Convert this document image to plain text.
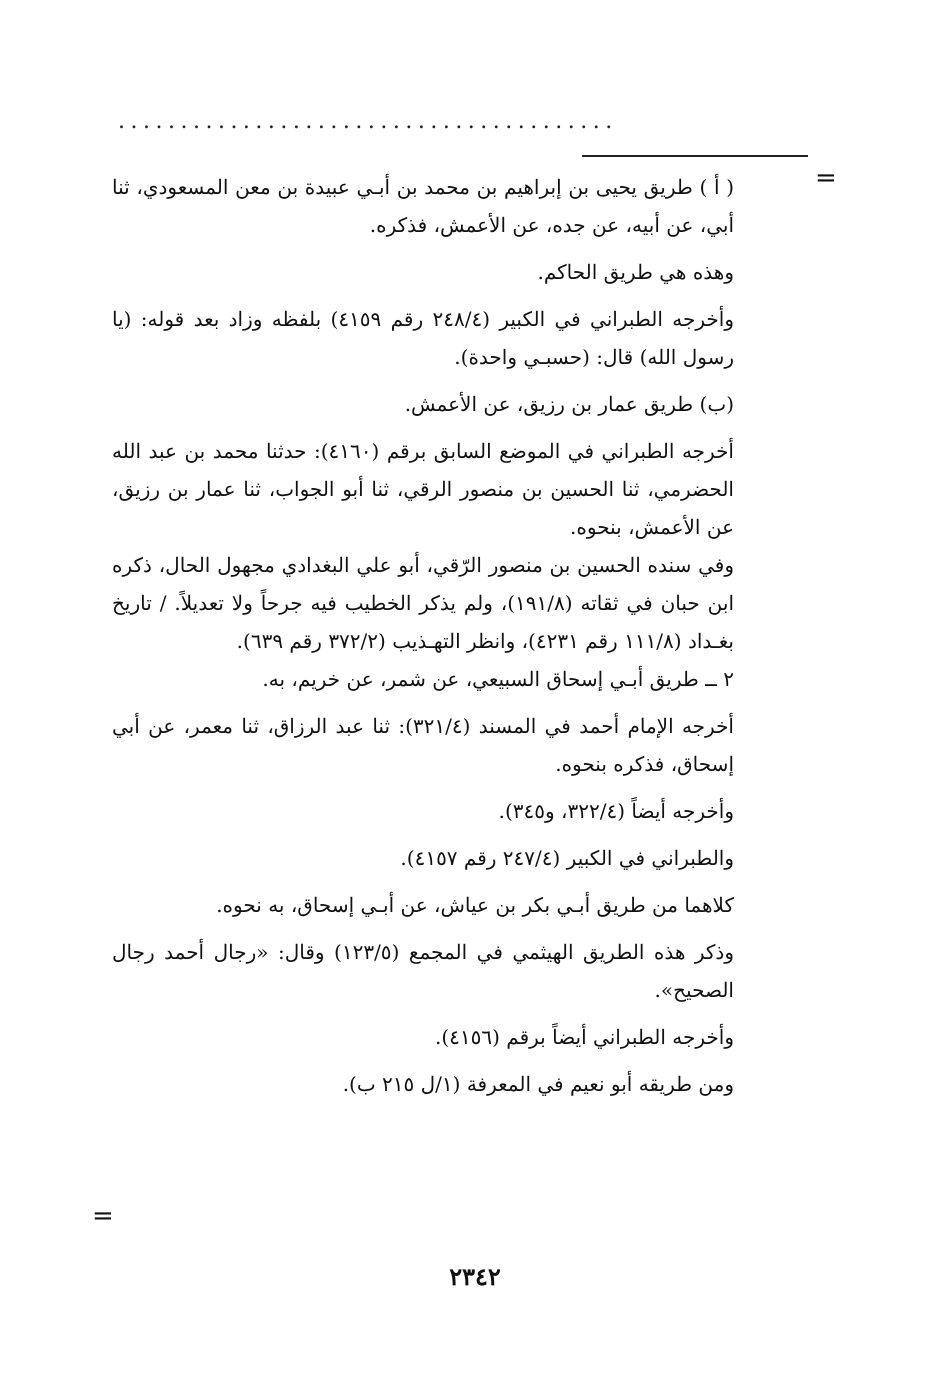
........................................
=

( أ ) طريق يحيى بن إبراهيم بن محمد بن أبـي عبيدة بن معن المسعودي، ثنا أبي، عن أبيه، عن جده، عن الأعمش، فذكره.

وهذه هي طريق الحاكم.

وأخرجه الطبراني في الكبير (٢٤٨/٤ رقم ٤١٥٩) بلفظه وزاد بعد قوله: (يا رسول الله) قال: (حسبـي واحدة).

(ب) طريق عمار بن رزيق، عن الأعمش.

أخرجه الطبراني في الموضع السابق برقم (٤١٦٠): حدثنا محمد بن عبد الله الحضرمي، ثنا الحسين بن منصور الرقي، ثنا أبو الجواب، ثنا عمار بن رزيق، عن الأعمش، بنحوه.

وفي سنده الحسين بن منصور الرّقي، أبو علي البغدادي مجهول الحال، ذكره ابن حبان في ثقاته (١٩١/٨)، ولم يذكر الخطيب فيه جرحاً ولا تعديلاً. / تاريخ بغـداد (١١١/٨ رقم ٤٢٣١)، وانظر التهـذيب (٣٧٢/٢ رقم ٦٣٩).

٢ ــ طريق أبـي إسحاق السبيعي، عن شمر، عن خريم، به.

أخرجه الإمام أحمد في المسند (٣٢١/٤): ثنا عبد الرزاق، ثنا معمر، عن أبي إسحاق، فذكره بنحوه.

وأخرجه أيضاً (٣٢٢/٤، و٣٤٥).

والطبراني في الكبير (٢٤٧/٤ رقم ٤١٥٧).

كلاهما من طريق أبـي بكر بن عياش، عن أبـي إسحاق، به نحوه.

وذكر هذه الطريق الهيثمي في المجمع (١٢٣/٥) وقال: «رجال أحمد رجال الصحيح».

وأخرجه الطبراني أيضاً برقم (٤١٥٦).

ومن طريقه أبو نعيم في المعرفة (١/ل ٢١٥ ب).

=
٢٣٤٢
